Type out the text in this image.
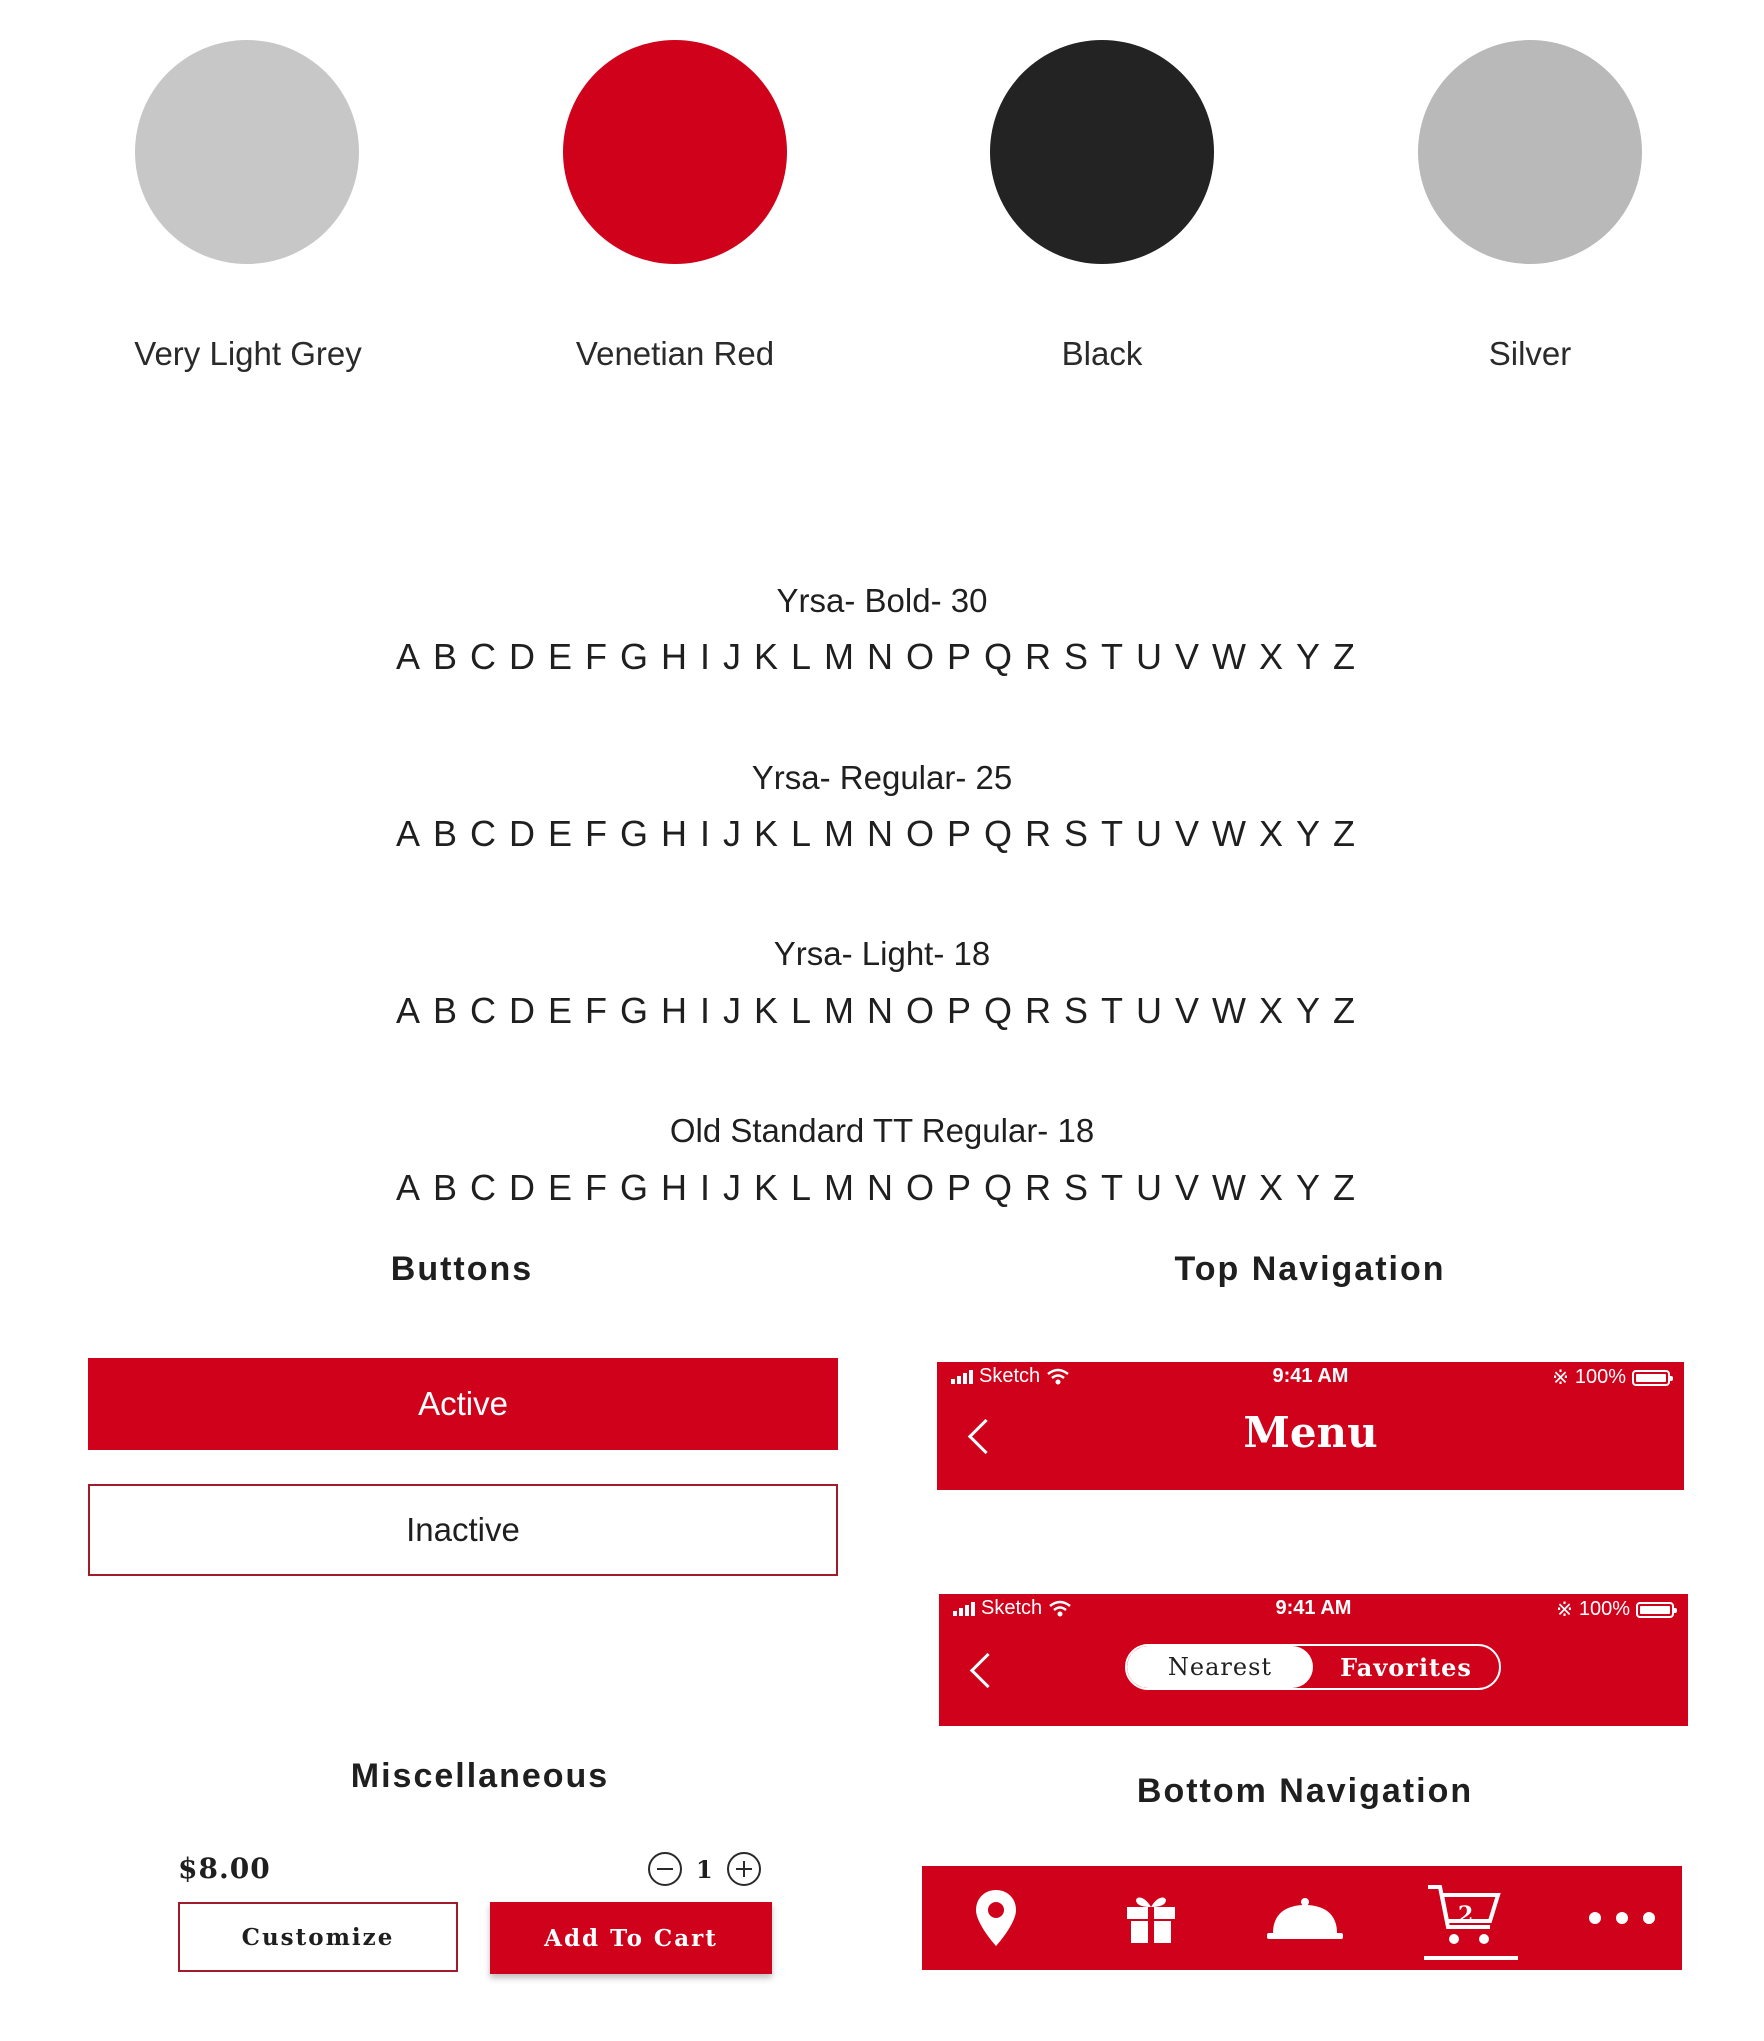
Very Light Grey	Venetian Red	Black	Silver
Yrsa- Bold- 30
ABCDEFGHIJKLMNOPQRSTUVWXYZ
Yrsa- Regular- 25
ABCDEFGHIJKLMNOPQRSTUVWXYZ
Yrsa- Light- 18
ABCDEFGHIJKLMNOPQRSTUVWXYZ
Old Standard TT Regular- 18
ABCDEFGHIJKLMNOPQRSTUVWXYZ
Buttons	Top Navigation
Active
Inactive
Sketch	9:41 AM	※ 100%
Menu
Sketch	9:41 AM	※ 100%
Nearest	Favorites
Miscellaneous	Bottom Navigation
$8.00	1
Customize	Add To Cart
2
